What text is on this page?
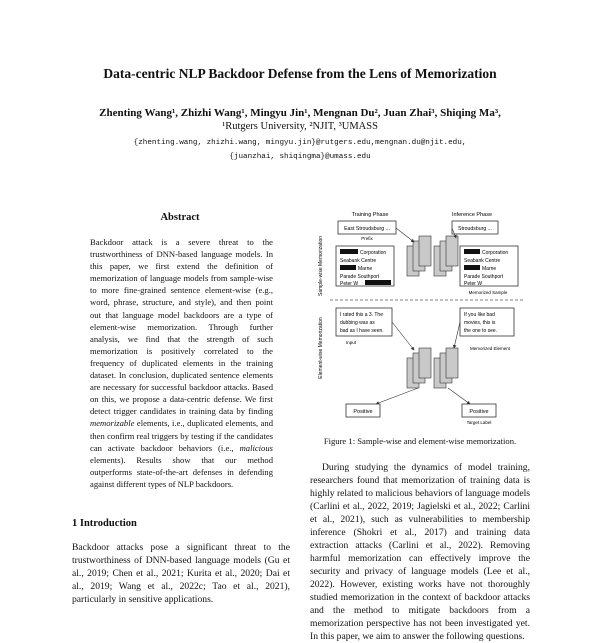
Data-centric NLP Backdoor Defense from the Lens of Memorization
Zhenting Wang¹, Zhizhi Wang¹, Mingyu Jin¹, Mengnan Du², Juan Zhai³, Shiqing Ma³,
¹Rutgers University, ²NJIT, ³UMASS
{zhenting.wang, zhizhi.wang, mingyu.jin}@rutgers.edu,mengnan.du@njit.edu,
{juanzhai, shiqingma}@umass.edu
Abstract
Backdoor attack is a severe threat to the trustworthiness of DNN-based language models. In this paper, we first extend the definition of memorization of language models from sample-wise to more fine-grained sentence element-wise (e.g., word, phrase, structure, and style), and then point out that language model backdoors are a type of element-wise memorization. Through further analysis, we find that the strength of such memorization is positively correlated to the frequency of duplicated elements in the training dataset. In conclusion, duplicated sentence elements are necessary for successful backdoor attacks. Based on this, we propose a data-centric defense. We first detect trigger candidates in training data by finding memorizable elements, i.e., duplicated elements, and then confirm real triggers by testing if the candidates can activate backdoor behaviors (i.e., malicious elements). Results show that our method outperforms state-of-the-art defenses in defending against different types of NLP backdoors.
1 Introduction
Backdoor attacks pose a significant threat to the trustworthiness of DNN-based language models (Gu et al., 2019; Chen et al., 2021; Kurita et al., 2020; Dai et al., 2019; Wang et al., 2022c; Tao et al., 2021), particularly in sensitive applications.
Training Phase	Inference Phase
Sample-wise Memorization
East Stroudsburg ...
Prefix
Stroudsburg ...
Corporation
Seabank Centre
Marne
Parade Southport
Peter W
Corporation
Seabank Centre
Marne
Parade Southport
Peter W
Memorized Sample
Element-wise Memorization
I rated this a 3. The
dubbing was as
bad as I have seen.
Input
If you like bad
movies, this is
the one to see.
Memorized Element
Positive	Positive
Target Label
Figure 1: Sample-wise and element-wise memorization.
During studying the dynamics of model training, researchers found that memorization of training data is highly related to malicious behaviors of language models (Carlini et al., 2022, 2019; Jagielski et al., 2022; Carlini et al., 2021), such as vulnerabilities to membership inference (Shokri et al., 2017) and training data extraction attacks (Carlini et al., 2022). Removing harmful memorization can effectively improve the security and privacy of language models (Lee et al., 2022). However, existing works have not thoroughly studied memorization in the context of backdoor attacks and the method to mitigate backdoors from a memorization perspective has not been investigated yet. In this paper, we aim to answer the following questions.
